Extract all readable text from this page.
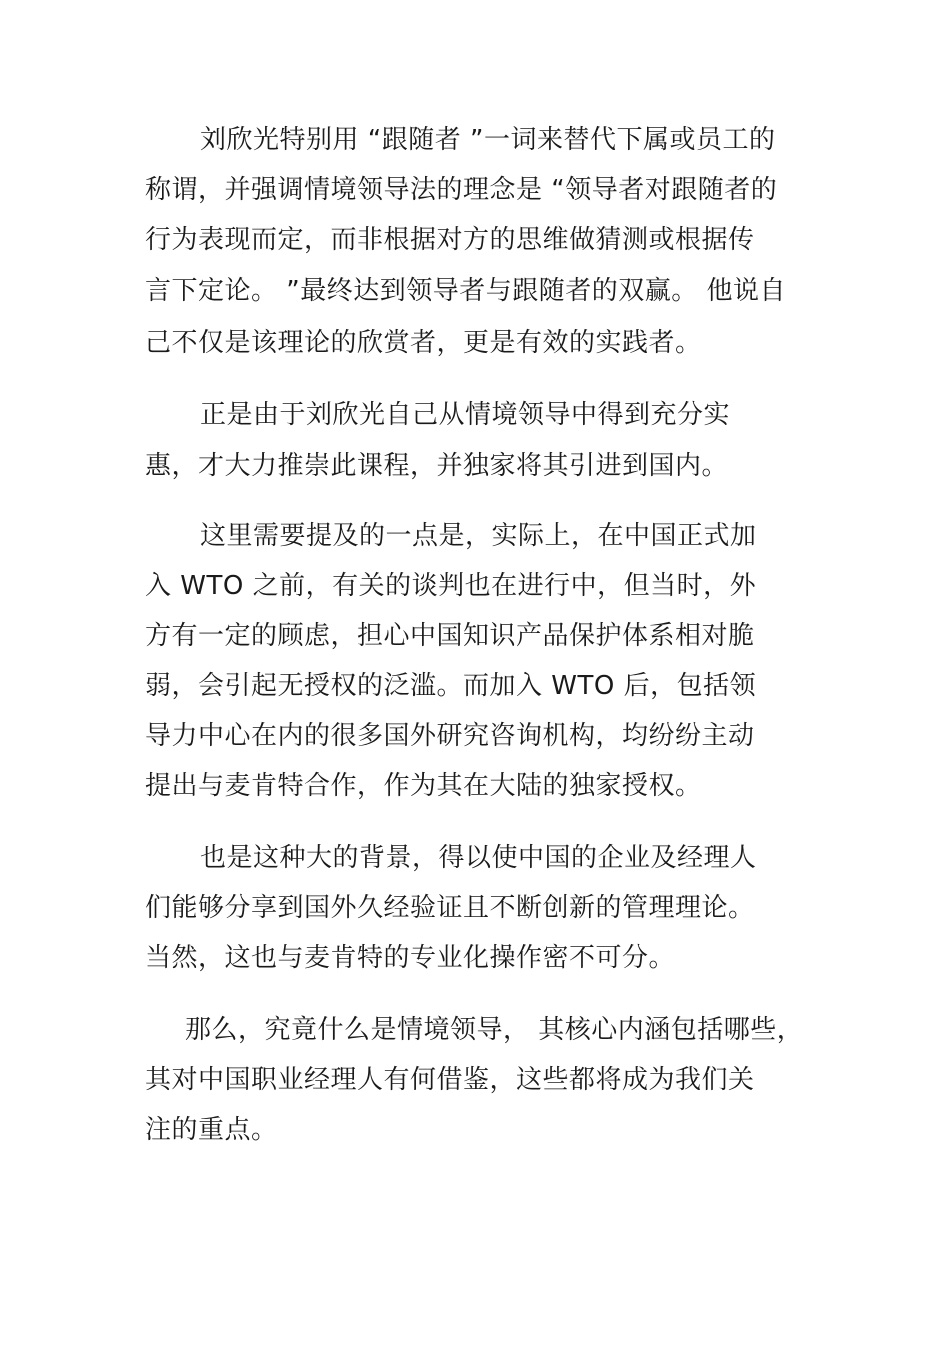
刘欣光特别用 “跟随者 ”一词来替代下属或员工的
称谓，并强调情境领导法的理念是 “领导者对跟随者的
行为表现而定，而非根据对方的思维做猜测或根据传
言下定论。 ”最终达到领导者与跟随者的双赢。 他说自
己不仅是该理论的欣赏者，更是有效的实践者。
正是由于刘欣光自己从情境领导中得到充分实
惠，才大力推崇此课程，并独家将其引进到国内。
这里需要提及的一点是，实际上，在中国正式加
入 WTO 之前，有关的谈判也在进行中，但当时，外
方有一定的顾虑，担心中国知识产品保护体系相对脆
弱，会引起无授权的泛滥。而加入 WTO 后，包括领
导力中心在内的很多国外研究咨询机构，均纷纷主动
提出与麦肯特合作，作为其在大陆的独家授权。
也是这种大的背景，得以使中国的企业及经理人
们能够分享到国外久经验证且不断创新的管理理论。
当然，这也与麦肯特的专业化操作密不可分。
那么，究竟什么是情境领导， 其核心内涵包括哪些，
其对中国职业经理人有何借鉴，这些都将成为我们关
注的重点。
